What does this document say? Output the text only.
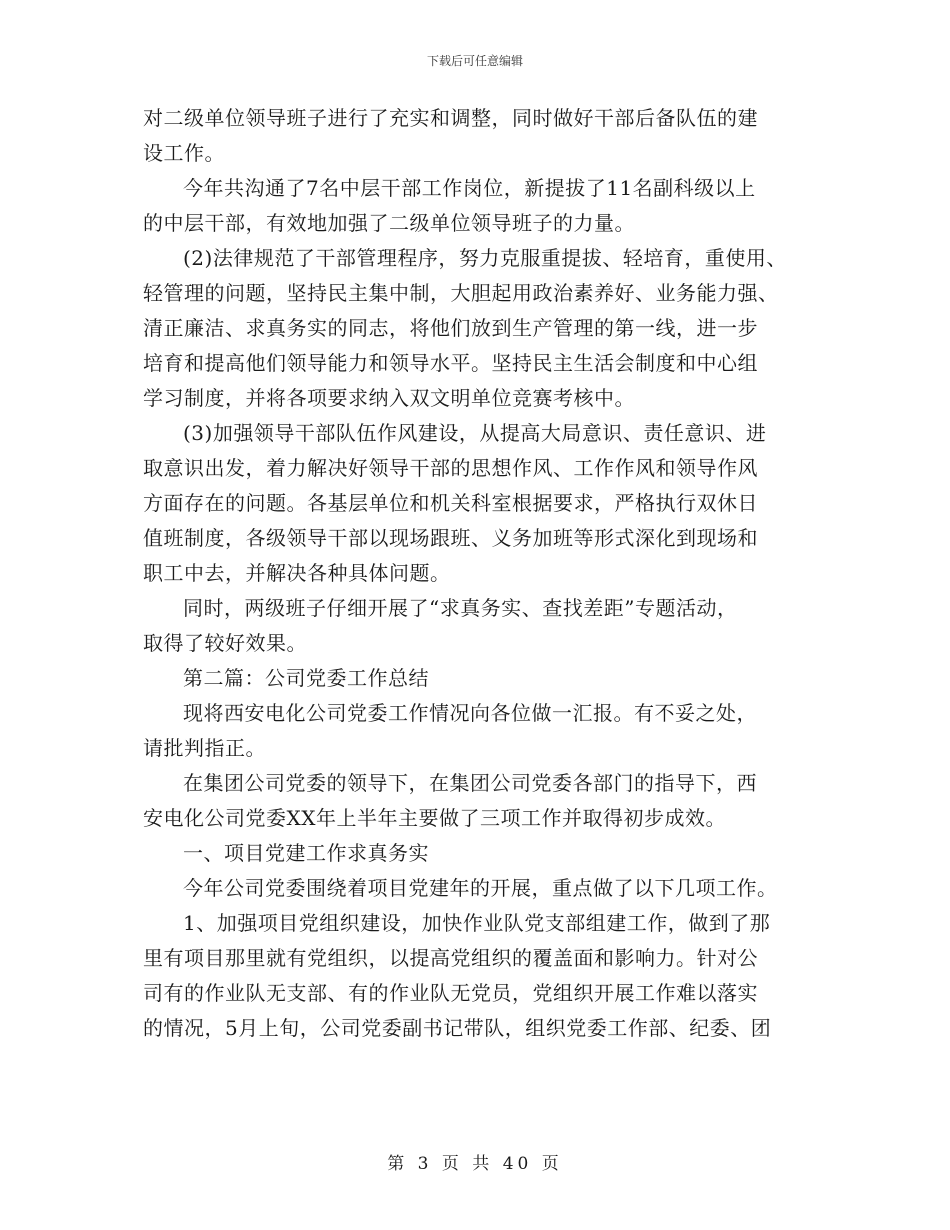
下载后可任意编辑

对二级单位领导班子进行了充实和调整，同时做好干部后备队伍的建
设工作。

今年共沟通了7名中层干部工作岗位，新提拔了11名副科级以上
的中层干部，有效地加强了二级单位领导班子的力量。

(2)法律规范了干部管理程序，努力克服重提拔、轻培育，重使用、
轻管理的问题，坚持民主集中制，大胆起用政治素养好、业务能力强、
清正廉洁、求真务实的同志，将他们放到生产管理的第一线，进一步
培育和提高他们领导能力和领导水平。坚持民主生活会制度和中心组
学习制度，并将各项要求纳入双文明单位竞赛考核中。

(3)加强领导干部队伍作风建设，从提高大局意识、责任意识、进
取意识出发，着力解决好领导干部的思想作风、工作作风和领导作风
方面存在的问题。各基层单位和机关科室根据要求，严格执行双休日
值班制度，各级领导干部以现场跟班、义务加班等形式深化到现场和
职工中去，并解决各种具体问题。

同时，两级班子仔细开展了“求真务实、查找差距”专题活动，
取得了较好效果。

第二篇：公司党委工作总结

现将西安电化公司党委工作情况向各位做一汇报。有不妥之处，
请批判指正。

在集团公司党委的领导下，在集团公司党委各部门的指导下，西
安电化公司党委XX年上半年主要做了三项工作并取得初步成效。

一、项目党建工作求真务实

今年公司党委围绕着项目党建年的开展，重点做了以下几项工作。

1、加强项目党组织建设，加快作业队党支部组建工作，做到了那
里有项目那里就有党组织，以提高党组织的覆盖面和影响力。针对公
司有的作业队无支部、有的作业队无党员，党组织开展工作难以落实
的情况，5月上旬，公司党委副书记带队，组织党委工作部、纪委、团

第 3 页 共 40 页
